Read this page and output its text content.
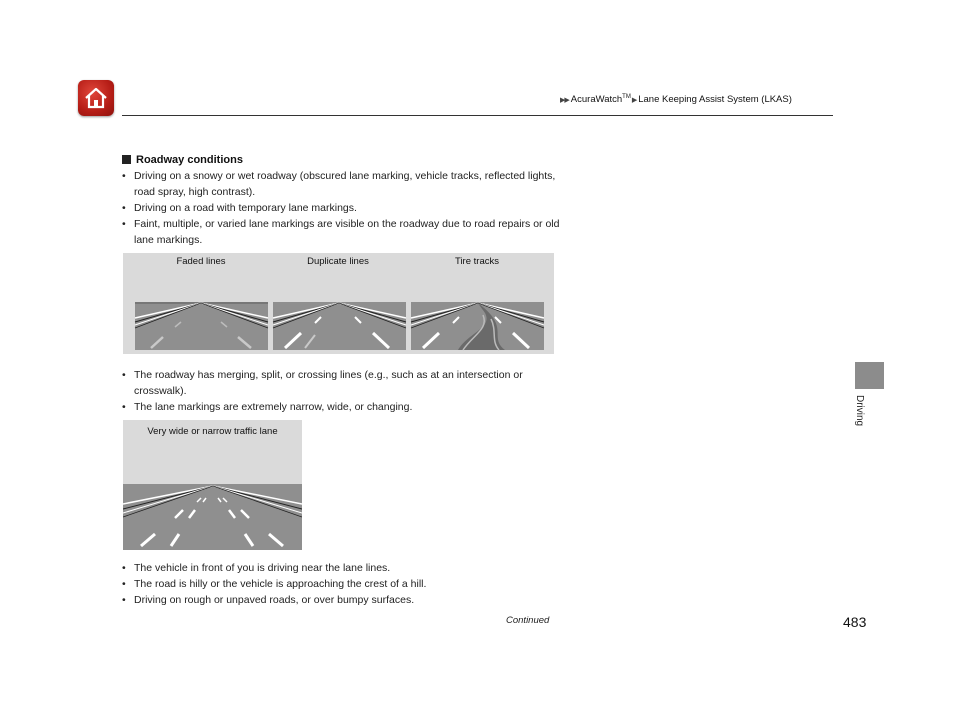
▶▶ AcuraWatch™▶ Lane Keeping Assist System (LKAS)
Driving
Roadway conditions
• Driving on a snowy or wet roadway (obscured lane marking, vehicle tracks, reflected lights, road spray, high contrast).
• Driving on a road with temporary lane markings.
• Faint, multiple, or varied lane markings are visible on the roadway due to road repairs or old lane markings.
Faded lines	Duplicate lines	Tire tracks
• The roadway has merging, split, or crossing lines (e.g., such as at an intersection or crosswalk).
• The lane markings are extremely narrow, wide, or changing.
Very wide or narrow traffic lane
• The vehicle in front of you is driving near the lane lines.
• The road is hilly or the vehicle is approaching the crest of a hill.
• Driving on rough or unpaved roads, or over bumpy surfaces.
Continued	483
